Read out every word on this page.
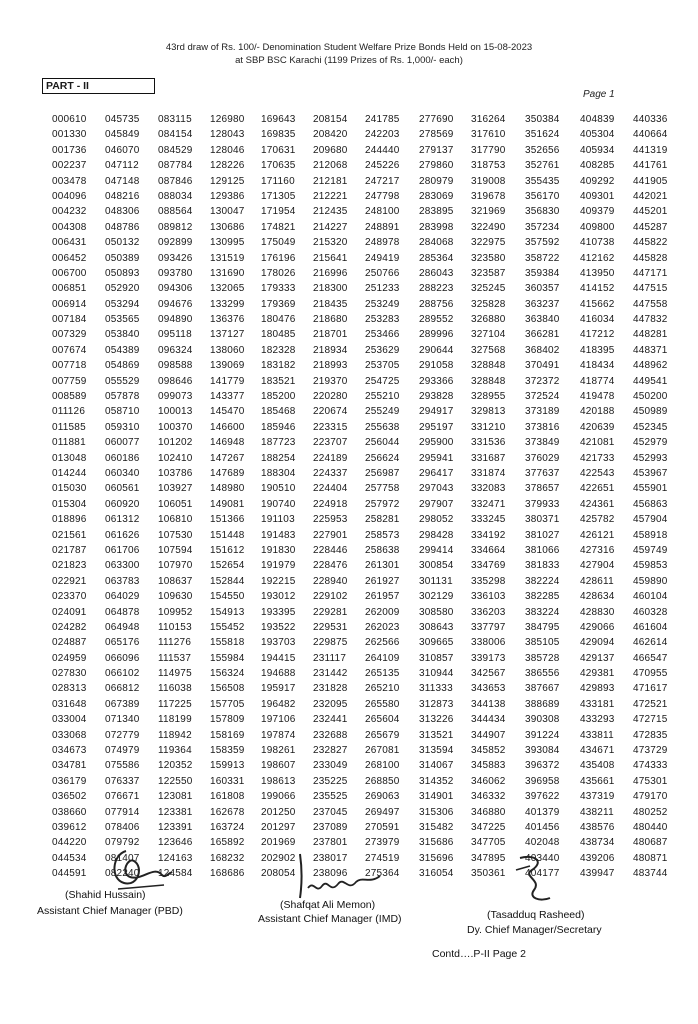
43rd draw of Rs. 100/- Denomination Student Welfare Prize Bonds Held on 15-08-2023
at SBP BSC Karachi (1199 Prizes of Rs. 1,000/- each)
PART - II
Page 1
000610
001330
001736
002237
003478
004096
004232
004308
006431
006452
006700
006851
006914
007184
007329
007674
007718
007759
008589
011126
011585
011881
013048
014244
015030
015304
018896
021561
021787
021823
022921
023370
024091
024282
024887
024959
027830
028313
031648
033004
033068
034673
034781
036179
036502
038660
039612
044220
044534
044591
045735
045849
046070
047112
047148
048216
048306
048786
050132
050389
050893
052920
053294
053565
053840
054389
054869
055529
057878
058710
059310
060077
060186
060340
060561
060920
061312
061626
061706
063300
063783
064029
064878
064948
065176
066096
066102
066812
067389
071340
072779
074979
075586
076337
076671
077914
078406
079792
081407
082240
083115
084154
084529
087784
087846
088034
088564
089812
092899
093426
093780
094306
094676
094890
095118
096324
098588
098646
099073
100013
100370
101202
102410
103786
103927
106051
106810
107530
107594
107970
108637
109630
109952
110153
111276
111537
114975
116038
117225
118199
118942
119364
120352
122550
123081
123381
123391
123646
124163
124584
126980
128043
128046
128226
129125
129386
130047
130686
130995
131519
131690
132065
133299
136376
137127
138060
139069
141779
143377
145470
146600
146948
147267
147689
148980
149081
151366
151448
151612
152654
152844
154550
154913
155452
155818
155984
156324
156508
157705
157809
158169
158359
159913
160331
161808
162678
163724
165892
168232
168686
169643
169835
170631
170635
171160
171305
171954
174821
175049
176196
178026
179333
179369
180476
180485
182328
183182
183521
185200
185468
185946
187723
188254
188304
190510
190740
191103
191483
191830
191979
192215
193012
193395
193522
193703
194415
194688
195917
196482
197106
197874
198261
198607
198613
199066
201250
201297
201969
202902
208054
208154
208420
209680
212068
212181
212221
212435
214227
215320
215641
216996
218300
218435
218680
218701
218934
218993
219370
220280
220674
223315
223707
224189
224337
224404
224918
225953
227901
228446
228476
228940
229102
229281
229531
229875
231117
231442
231828
232095
232441
232688
232827
233049
235225
235525
237045
237089
237801
238017
238096
241785
242203
244440
245226
247217
247798
248100
248891
248978
249419
250766
251233
253249
253283
253466
253629
253705
254725
255210
255249
255638
256044
256624
256987
257758
257972
258281
258573
258638
261301
261927
261957
262009
262023
262566
264109
265135
265210
265580
265604
265679
267081
268100
268850
269063
269497
270591
273979
274519
275364
277690
278569
279137
279860
280979
283069
283895
283998
284068
285364
286043
288223
288756
289552
289996
290644
291058
293366
293828
294917
295197
295900
295941
296417
297043
297907
298052
298428
299414
300854
301131
302129
308580
308643
309665
310857
310944
311333
312873
313226
313521
313594
314067
314352
314901
315306
315482
315686
315696
316054
316264
317610
317790
318753
319008
319678
321969
322490
322975
323580
323587
325245
325828
326880
327104
327568
328848
328848
328955
329813
331210
331536
331687
331874
332083
332471
333245
334192
334664
334769
335298
336103
336203
337797
338006
339173
342567
343653
344138
344434
344907
345852
345883
346062
346332
346880
347225
347705
347895
350361
350384
351624
352656
352761
355435
356170
356830
357234
357592
358722
359384
360357
363237
363840
366281
368402
370491
372372
372524
373189
373816
373849
376029
377637
378657
379933
380371
381027
381066
381833
382224
382285
383224
384795
385105
385728
386556
387667
388689
390308
391224
393084
396372
396958
397622
401379
401456
402048
403440
404177
404839
405304
405934
408285
409292
409301
409379
409800
410738
412162
413950
414152
415662
416034
417212
418395
418434
418774
419478
420188
420639
421081
421733
422543
422651
424361
425782
426121
427316
427904
428611
428634
428830
429066
429094
429137
429381
429893
433181
433293
433811
434671
435408
435661
437319
438211
438576
438734
439206
439947
440336
440664
441319
441761
441905
442021
445201
445287
445822
445828
447171
447515
447558
447832
448281
448371
448962
449541
450200
450989
452345
452979
452993
453967
455901
456863
457904
458918
459749
459853
459890
460104
460328
461604
462614
466547
470955
471617
472521
472715
472835
473729
474333
475301
479170
480252
480440
480687
480871
483744
(Shahid Hussain)
Assistant Chief Manager (PBD)	(Shafqat Ali Memon)
Assistant Chief Manager (IMD)	(Tasadduq Rasheed)
Dy. Chief Manager/Secretary
Contd….P-II Page 2
